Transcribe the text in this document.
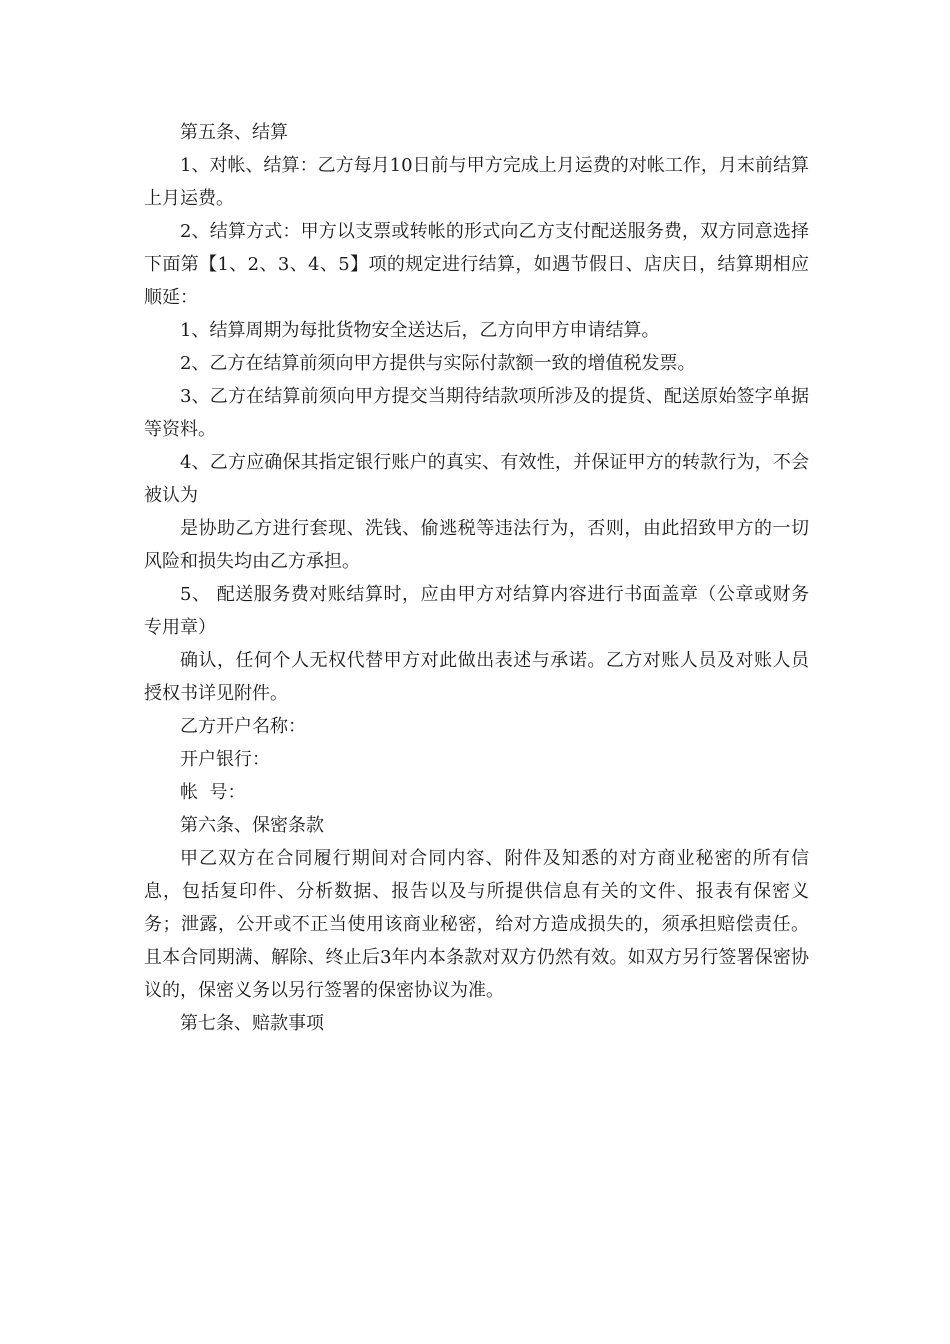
第五条、结算

1、对帐、结算：乙方每月10日前与甲方完成上月运费的对帐工作，月末前结算上月运费。

2、结算方式：甲方以支票或转帐的形式向乙方支付配送服务费，双方同意选择下面第【1、2、3、4、5】项的规定进行结算，如遇节假日、店庆日，结算期相应顺延：

1、结算周期为每批货物安全送达后，乙方向甲方申请结算。

2、乙方在结算前须向甲方提供与实际付款额一致的增值税发票。

3、乙方在结算前须向甲方提交当期待结款项所涉及的提货、配送原始签字单据等资料。

4、乙方应确保其指定银行账户的真实、有效性，并保证甲方的转款行为，不会被认为

是协助乙方进行套现、洗钱、偷逃税等违法行为，否则，由此招致甲方的一切风险和损失均由乙方承担。

5、 配送服务费对账结算时，应由甲方对结算内容进行书面盖章（公章或财务专用章）

确认，任何个人无权代替甲方对此做出表述与承诺。乙方对账人员及对账人员授权书详见附件。

乙方开户名称：

开户银行：

帐  号：

第六条、保密条款

甲乙双方在合同履行期间对合同内容、附件及知悉的对方商业秘密的所有信息，包括复印件、分析数据、报告以及与所提供信息有关的文件、报表有保密义务；泄露，公开或不正当使用该商业秘密，给对方造成损失的，须承担赔偿责任。且本合同期满、解除、终止后3年内本条款对双方仍然有效。如双方另行签署保密协议的，保密义务以另行签署的保密协议为准。

第七条、赔款事项
